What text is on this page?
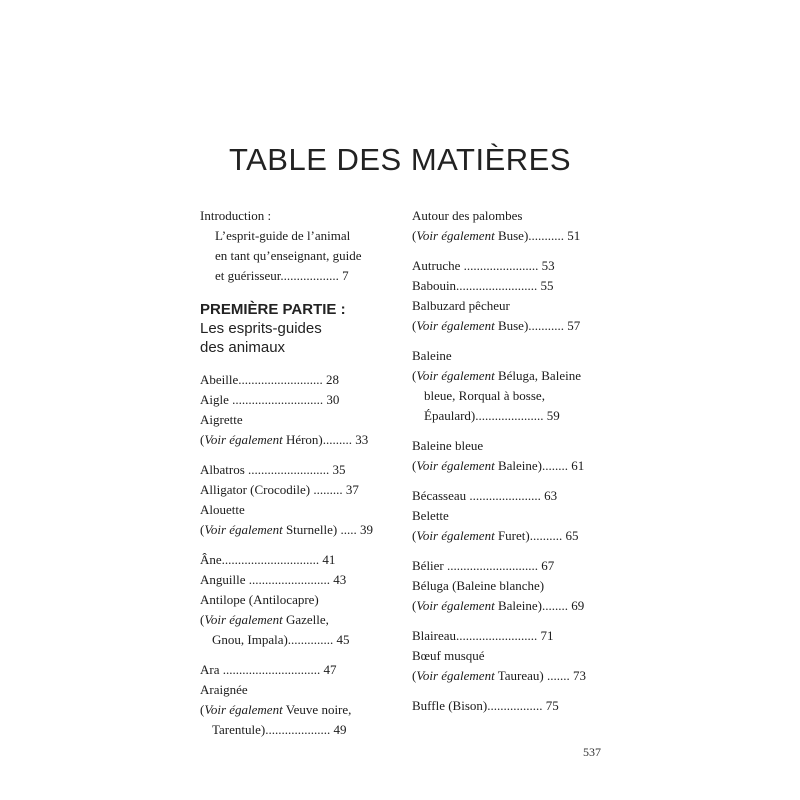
TABLE DES MATIÈRES
Introduction :
L’esprit-guide de l’animal
en tant qu’enseignant, guide
et guérisseur.................. 7
PREMIÈRE PARTIE :
Les esprits-guides
des animaux
Abeille.......................... 28
Aigle ............................ 30
Aigrette
(Voir également Héron)......... 33
Albatros ......................... 35
Alligator (Crocodile) ......... 37
Alouette
(Voir également Sturnelle) ..... 39
Âne.............................. 41
Anguille ......................... 43
Antilope (Antilocapre)
(Voir également Gazelle,
Gnou, Impala).............. 45
Ara .............................. 47
Araignée
(Voir également Veuve noire,
Tarentule).................... 49
Autour des palombes
(Voir également Buse)........... 51
Autruche ....................... 53
Babouin......................... 55
Balbuzard pêcheur
(Voir également Buse)........... 57
Baleine
(Voir également Béluga, Baleine
bleue, Rorqual à bosse,
Épaulard)..................... 59
Baleine bleue
(Voir également Baleine)........ 61
Bécasseau ...................... 63
Belette
(Voir également Furet).......... 65
Bélier ............................ 67
Béluga (Baleine blanche)
(Voir également Baleine)........ 69
Blaireau......................... 71
Bœuf musqué
(Voir également Taureau) ....... 73
Buffle (Bison)................. 75
537
